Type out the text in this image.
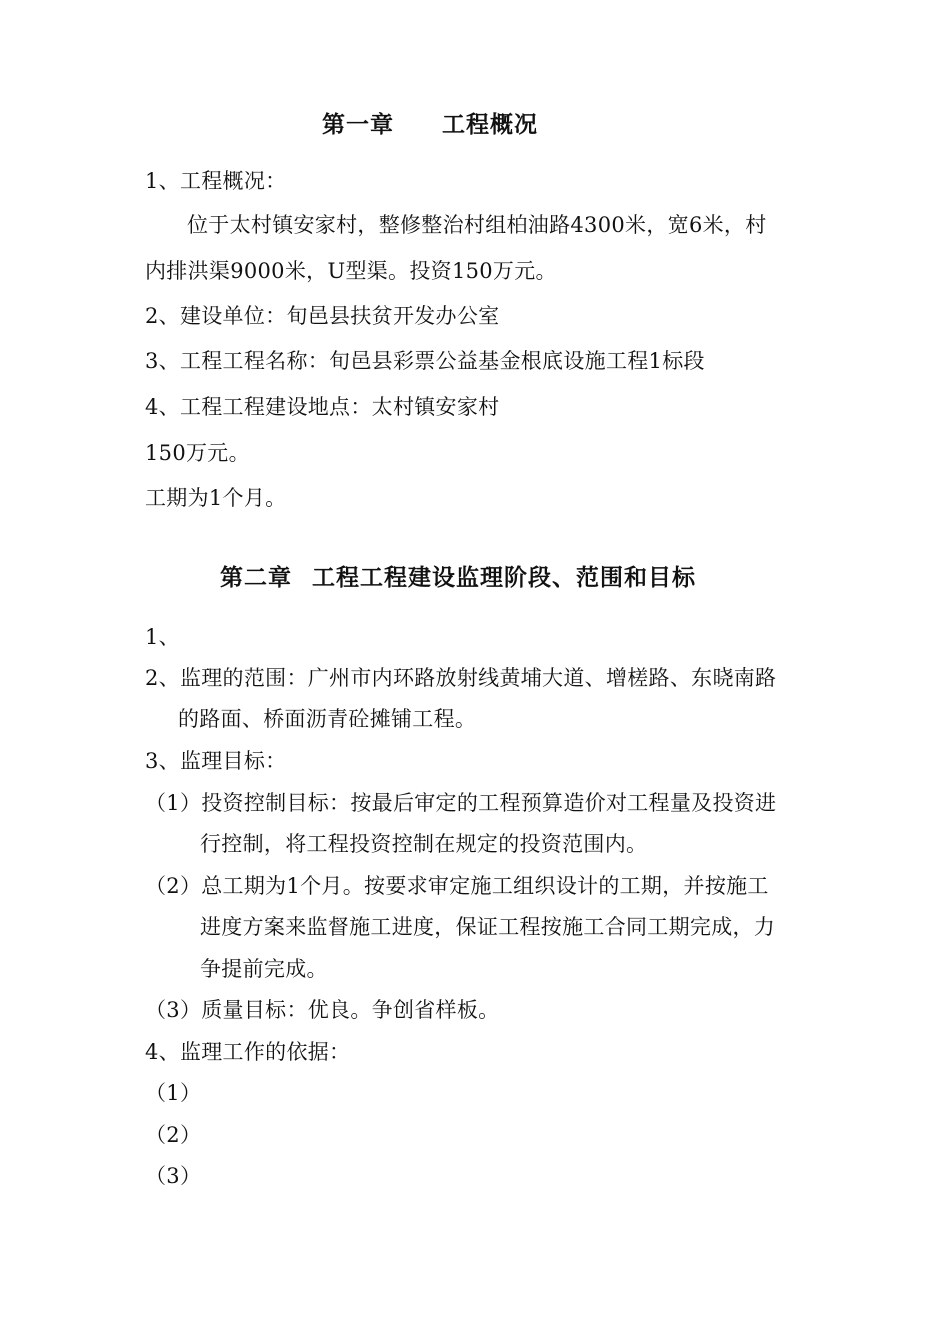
第一章 工程概况
1、工程概况：
位于太村镇安家村，整修整治村组柏油路4300米，宽6米，村
内排洪渠9000米，U型渠。投资150万元。
2、建设单位：旬邑县扶贫开发办公室
3、工程工程名称：旬邑县彩票公益基金根底设施工程1标段
4、工程工程建设地点：太村镇安家村
150万元。
工期为1个月。
第二章 工程工程建设监理阶段、范围和目标
1、
2、监理的范围：广州市内环路放射线黄埔大道、增槎路、东晓南路
的路面、桥面沥青砼摊铺工程。
3、监理目标：
（1）投资控制目标：按最后审定的工程预算造价对工程量及投资进
行控制，将工程投资控制在规定的投资范围内。
（2）总工期为1个月。按要求审定施工组织设计的工期，并按施工
进度方案来监督施工进度，保证工程按施工合同工期完成，力
争提前完成。
（3）质量目标：优良。争创省样板。
4、监理工作的依据：
（1）
（2）
（3）
